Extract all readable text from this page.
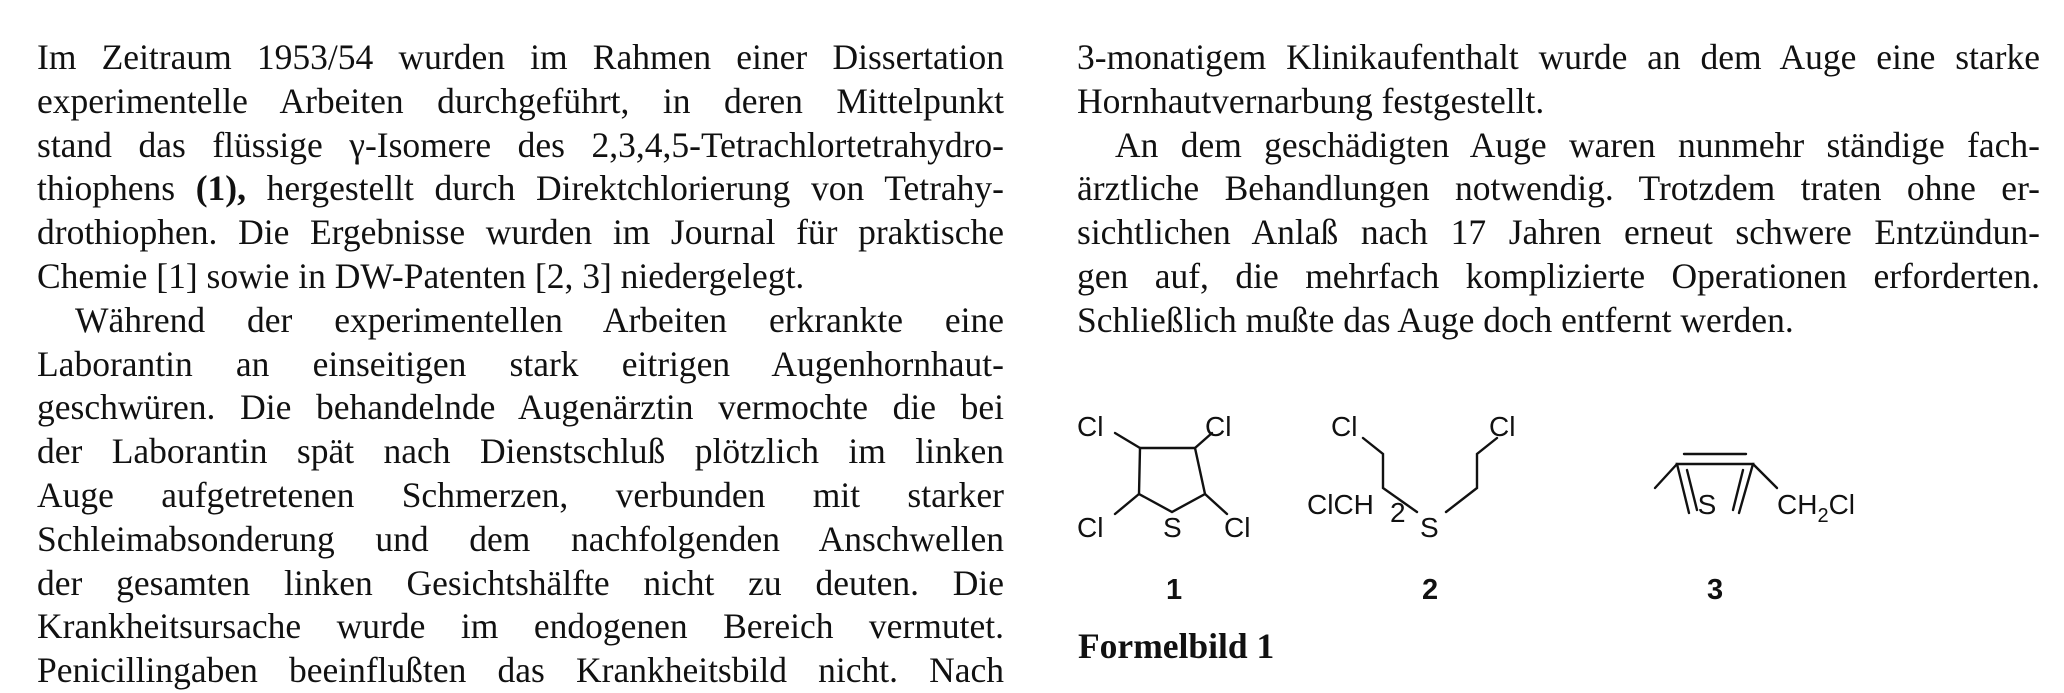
Im Zeitraum 1953/54 wurden im Rahmen einer Dissertation
experimentelle Arbeiten durchgeführt, in deren Mittelpunkt
stand das flüssige γ-Isomere des 2,3,4,5-Tetrachlortetrahydro-
thiophens (1), hergestellt durch Direktchlorierung von Tetrahy-
drothiophen. Die Ergebnisse wurden im Journal für praktische
Chemie [1] sowie in DW-Patenten [2, 3] niedergelegt.

Während der experimentellen Arbeiten erkrankte eine
Laborantin an einseitigen stark eitrigen Augenhornhaut-
geschwüren. Die behandelnde Augenärztin vermochte die bei
der Laborantin spät nach Dienstschluß plötzlich im linken
Auge aufgetretenen Schmerzen, verbunden mit starker
Schleimabsonderung und dem nachfolgenden Anschwellen
der gesamten linken Gesichtshälfte nicht zu deuten. Die
Krankheitsursache wurde im endogenen Bereich vermutet.
Penicillingaben beeinflußten das Krankheitsbild nicht. Nach

3-monatigem Klinikaufenthalt wurde an dem Auge eine starke
Hornhautvernarbung festgestellt.

An dem geschädigten Auge waren nunmehr ständige fach-
ärztliche Behandlungen notwendig. Trotzdem traten ohne er-
sichtlichen Anlaß nach 17 Jahren erneut schwere Entzündun-
gen auf, die mehrfach komplizierte Operationen erforderten.
Schließlich mußte das Auge doch entfernt werden.

Cl	Cl
Cl	Cl
S
1
Cl	Cl
S
2
S
ClCH 2	$CH_2Cl$
3
Formelbild 1
